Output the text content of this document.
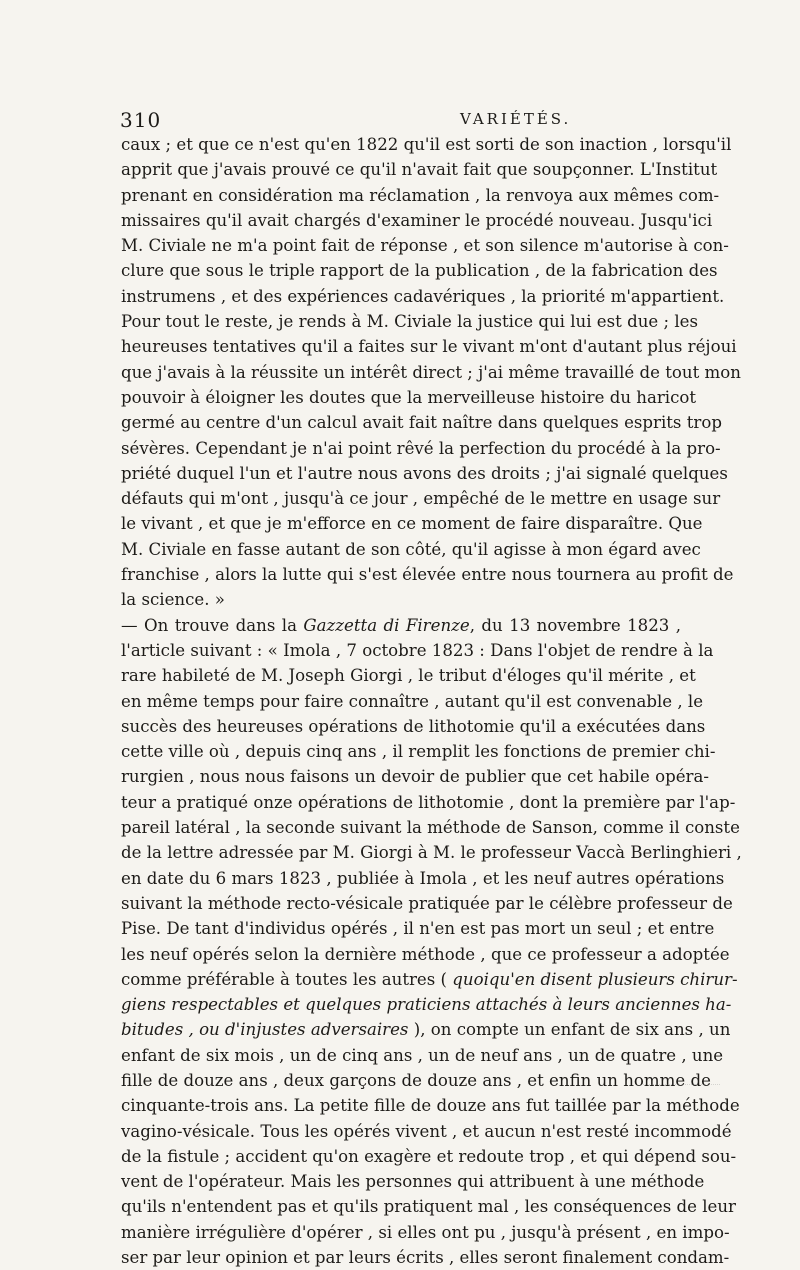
310	VARIÉTÉS.
caux ; et que ce n'est qu'en 1822 qu'il est sorti de son inaction , lorsqu'il
apprit que j'avais prouvé ce qu'il n'avait fait que soupçonner. L'Institut
prenant en considération ma réclamation , la renvoya aux mêmes com-
missaires qu'il avait chargés d'examiner le procédé nouveau. Jusqu'ici
M. Civiale ne m'a point fait de réponse , et son silence m'autorise à con-
clure que sous le triple rapport de la publication , de la fabrication des
instrumens , et des expériences cadavériques , la priorité m'appartient.
Pour tout le reste, je rends à M. Civiale la justice qui lui est due ; les
heureuses tentatives qu'il a faites sur le vivant m'ont d'autant plus réjoui
que j'avais à la réussite un intérêt direct ; j'ai même travaillé de tout mon
pouvoir à éloigner les doutes que la merveilleuse histoire du haricot
germé au centre d'un calcul avait fait naître dans quelques esprits trop
sévères. Cependant je n'ai point rêvé la perfection du procédé à la pro-
priété duquel l'un et l'autre nous avons des droits ; j'ai signalé quelques
défauts qui m'ont , jusqu'à ce jour , empêché de le mettre en usage sur
le vivant , et que je m'efforce en ce moment de faire disparaître. Que
M. Civiale en fasse autant de son côté, qu'il agisse à mon égard avec
franchise , alors la lutte qui s'est élevée entre nous tournera au profit de
la science. »
— On trouve dans la Gazzetta di Firenze, du 13 novembre 1823 ,
l'article suivant : « Imola , 7 octobre 1823 : Dans l'objet de rendre à la
rare habileté de M. Joseph Giorgi , le tribut d'éloges qu'il mérite , et
en même temps pour faire connaître , autant qu'il est convenable , le
succès des heureuses opérations de lithotomie qu'il a exécutées dans
cette ville où , depuis cinq ans , il remplit les fonctions de premier chi-
rurgien , nous nous faisons un devoir de publier que cet habile opéra-
teur a pratiqué onze opérations de lithotomie , dont la première par l'ap-
pareil latéral , la seconde suivant la méthode de Sanson, comme il conste
de la lettre adressée par M. Giorgi à M. le professeur Vaccà Berlinghieri ,
en date du 6 mars 1823 , publiée à Imola , et les neuf autres opérations
suivant la méthode recto-vésicale pratiquée par le célèbre professeur de
Pise. De tant d'individus opérés , il n'en est pas mort un seul ; et entre
les neuf opérés selon la dernière méthode , que ce professeur a adoptée
comme préférable à toutes les autres ( quoiqu'en disent plusieurs chirur-
giens respectables et quelques praticiens attachés à leurs anciennes ha-
bitudes , ou d'injustes adversaires ), on compte un enfant de six ans , un
enfant de six mois , un de cinq ans , un de neuf ans , un de quatre , une
fille de douze ans , deux garçons de douze ans , et enfin un homme de
cinquante-trois ans. La petite fille de douze ans fut taillée par la méthode
vagino-vésicale. Tous les opérés vivent , et aucun n'est resté incommodé
de la fistule ; accident qu'on exagère et redoute trop , et qui dépend sou-
vent de l'opérateur. Mais les personnes qui attribuent à une méthode
qu'ils n'entendent pas et qu'ils pratiquent mal , les conséquences de leur
manière irrégulière d'opérer , si elles ont pu , jusqu'à présent , en impo-
ser par leur opinion et par leurs écrits , elles seront finalement condam-
